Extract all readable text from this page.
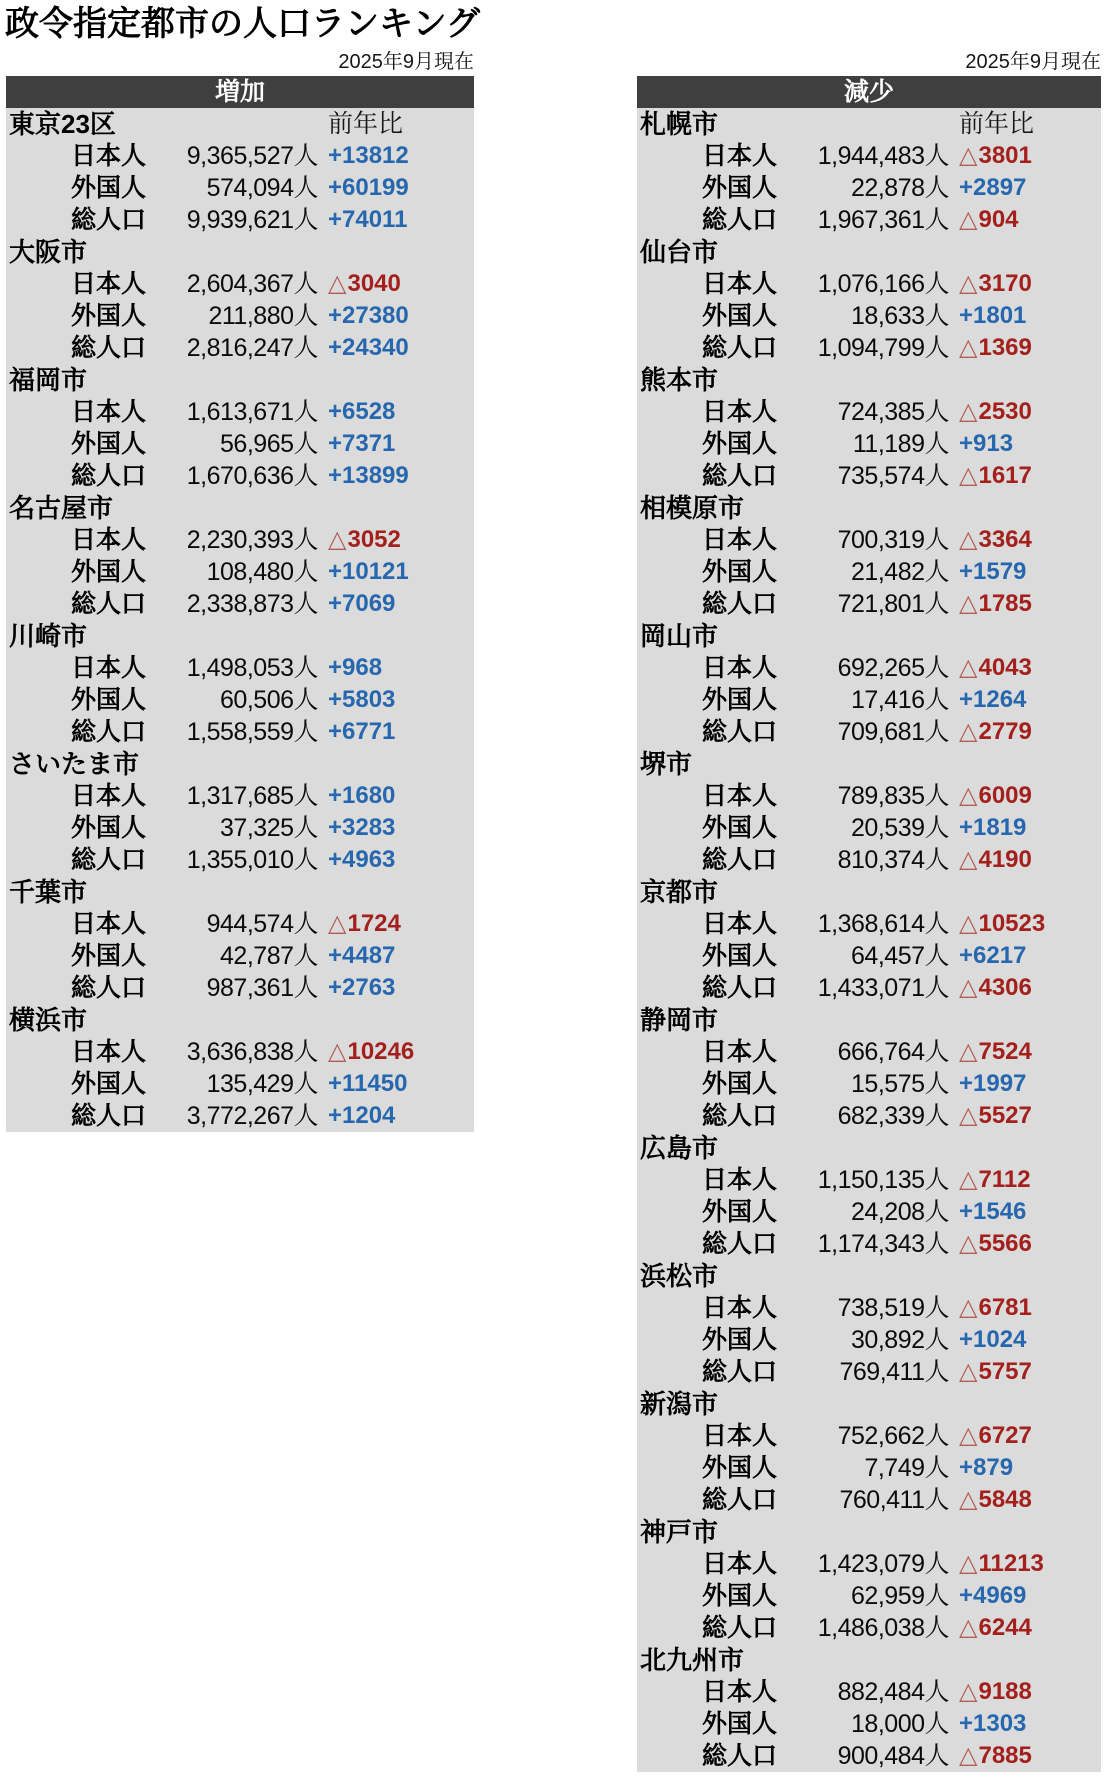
政令指定都市の人口ランキング
2025年9月現在	2025年9月現在
増加
東京23区	前年比
日本人	9,365,527人 +13812
外国人	574,094人 +60199
総人口	9,939,621人 +74011
大阪市
日本人	2,604,367人 △ 3040
外国人	211,880人 +27380
総人口	2,816,247人 +24340
福岡市
日本人	1,613,671人 +6528
外国人	56,965人 +7371
総人口	1,670,636人 +13899
名古屋市
日本人	2,230,393人 △ 3052
外国人	108,480人 +10121
総人口	2,338,873人 +7069
川崎市
日本人	1,498,053人 +968
外国人	60,506人 +5803
総人口	1,558,559人 +6771
さいたま市
日本人	1,317,685人 +1680
外国人	37,325人 +3283
総人口	1,355,010人 +4963
千葉市
日本人	944,574人 △ 1724
外国人	42,787人 +4487
総人口	987,361人 +2763
横浜市
日本人	3,636,838人 △ 10246
外国人	135,429人 +11450
総人口	3,772,267人 +1204
減少
札幌市	前年比
日本人	1,944,483人 △ 3801
外国人	22,878人 +2897
総人口	1,967,361人 △ 904
仙台市
日本人	1,076,166人 △ 3170
外国人	18,633人 +1801
総人口	1,094,799人 △ 1369
熊本市
日本人	724,385人 △ 2530
外国人	11,189人 +913
総人口	735,574人 △ 1617
相模原市
日本人	700,319人 △ 3364
外国人	21,482人 +1579
総人口	721,801人 △ 1785
岡山市
日本人	692,265人 △ 4043
外国人	17,416人 +1264
総人口	709,681人 △ 2779
堺市
日本人	789,835人 △ 6009
外国人	20,539人 +1819
総人口	810,374人 △ 4190
京都市
日本人	1,368,614人 △ 10523
外国人	64,457人 +6217
総人口	1,433,071人 △ 4306
静岡市
日本人	666,764人 △ 7524
外国人	15,575人 +1997
総人口	682,339人 △ 5527
広島市
日本人	1,150,135人 △ 7112
外国人	24,208人 +1546
総人口	1,174,343人 △ 5566
浜松市
日本人	738,519人 △ 6781
外国人	30,892人 +1024
総人口	769,411人 △ 5757
新潟市
日本人	752,662人 △ 6727
外国人	7,749人 +879
総人口	760,411人 △ 5848
神戸市
日本人	1,423,079人 △ 11213
外国人	62,959人 +4969
総人口	1,486,038人 △ 6244
北九州市
日本人	882,484人 △ 9188
外国人	18,000人 +1303
総人口	900,484人 △ 7885
